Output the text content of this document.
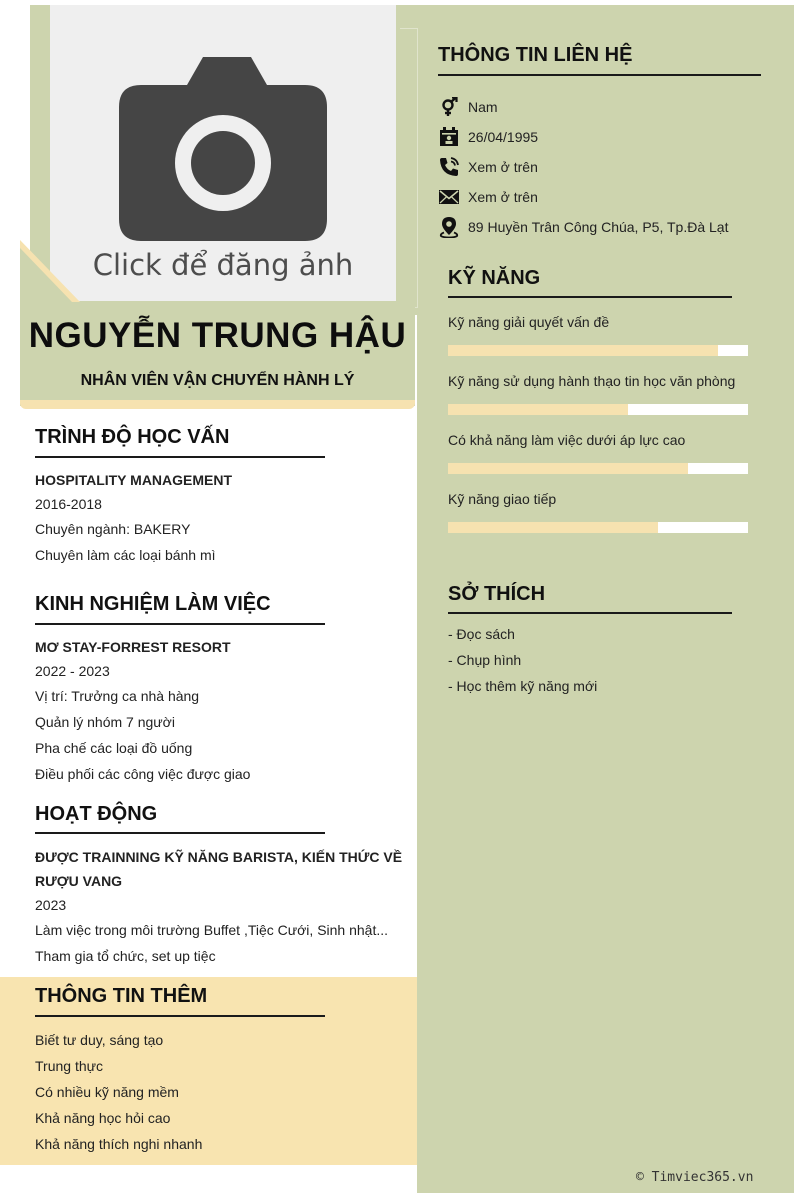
Click để đăng ảnh
NGUYỄN TRUNG HẬU
NHÂN VIÊN VẬN CHUYỂN HÀNH LÝ
TRÌNH ĐỘ HỌC VẤN
HOSPITALITY MANAGEMENT
2016-2018
Chuyên ngành: BAKERY
Chuyên làm các loại bánh mì
KINH NGHIỆM LÀM VIỆC
MƠ STAY-FORREST RESORT
2022 - 2023
Vị trí: Trưởng ca nhà hàng
Quản lý nhóm 7 người
Pha chế các loại đồ uống
Điều phối các công việc được giao
HOẠT ĐỘNG
ĐƯỢC TRAINNING KỸ NĂNG BARISTA, KIẾN THỨC VỀ
RƯỢU VANG
2023
Làm việc trong môi trường Buffet ,Tiệc Cưới, Sinh nhật...
Tham gia tổ chức, set up tiệc
THÔNG TIN THÊM
Biết tư duy, sáng tạo
Trung thực
Có nhiều kỹ năng mềm
Khả năng học hỏi cao
Khả năng thích nghi nhanh
THÔNG TIN LIÊN HỆ
Nam
26/04/1995
Xem ở trên
Xem ở trên
89 Huyền Trân Công Chúa, P5, Tp.Đà Lạt
KỸ NĂNG
Kỹ năng giải quyết vấn đề
Kỹ năng sử dụng hành thạo tin học văn phòng
Có khả năng làm việc dưới áp lực cao
Kỹ năng giao tiếp
SỞ THÍCH
- Đọc sách
- Chụp hình
- Học thêm kỹ năng mới
© Timviec365.vn
